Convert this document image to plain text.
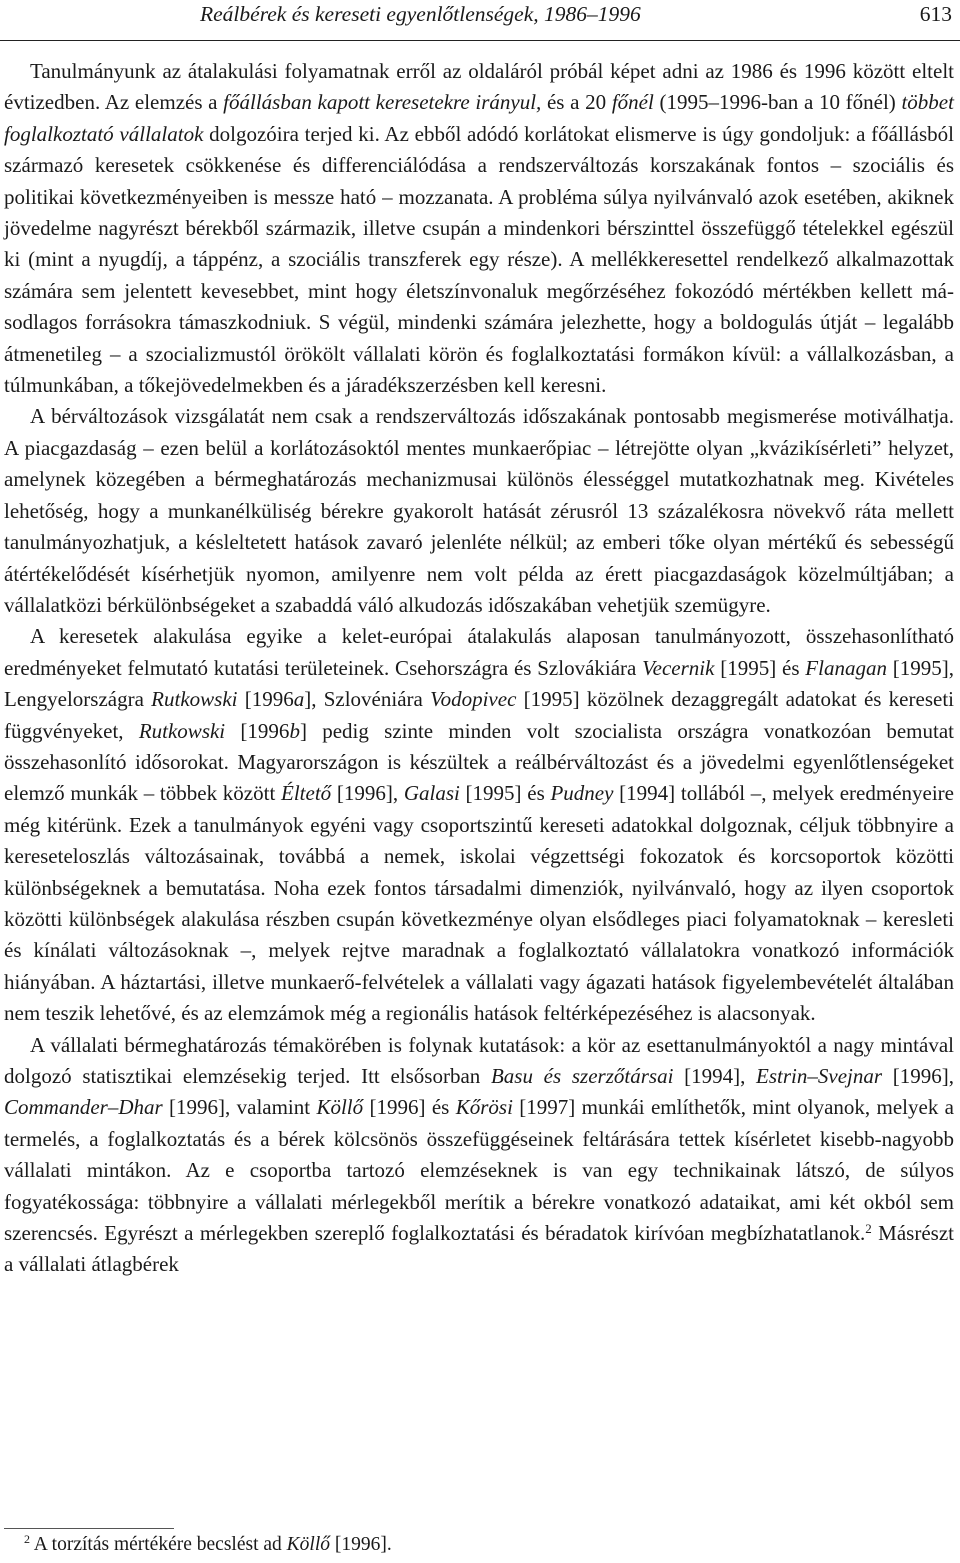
Reálbérek és kereseti egyenlőtlenségek, 1986–1996	613

Tanulmányunk az átalakulási folyamatnak erről az oldaláról próbál képet adni az 1986 és 1996 között eltelt évtizedben. Az elemzés a főállásban kapott keresetekre irányul, és a 20 főnél (1995–1996-ban a 10 főnél) többet foglalkoztató vállalatok dolgozóira terjed ki. Az ebből adódó korlátokat elismerve is úgy gondoljuk: a főállásból származó keresetek csökkenése és differenciálódása a rendszerváltozás korszakának fontos – szociális és politikai következményeiben is messze ható – mozzanata. A probléma súlya nyilvánvaló azok esetében, akiknek jövedelme nagyrészt bérekből származik, illetve csupán a mindenkori bérszinttel összefüggő tételekkel egészül ki (mint a nyugdíj, a táppénz, a szociális transzferek egy része). A mellékkeresettel rendelkező alkalmazottak számára sem jelentett kevesebbet, mint hogy életszínvonaluk megőrzéséhez fokozódó mértékben kellett másodlagos forrásokra támaszkodniuk. S végül, mindenki számára jelezhette, hogy a boldogulás útját – legalább átmenetileg – a szocializmustól örökölt vállalati körön és foglalkoztatási formákon kívül: a vállalkozásban, a túlmunkában, a tőkejövedelmekben és a járadékszerzésben kell keresni.

A bérváltozások vizsgálatát nem csak a rendszerváltozás időszakának pontosabb megismerése motiválhatja. A piacgazdaság – ezen belül a korlátozásoktól mentes munkaerőpiac – létrejötte olyan „kvázikísérleti” helyzet, amelynek közegében a bérmeghatározás mechanizmusai különös élességgel mutatkozhatnak meg. Kivételes lehetőség, hogy a munkanélküliség bérekre gyakorolt hatását zérusról 13 százalékosra növekvő ráta mellett tanulmányozhatjuk, a késleltetett hatások zavaró jelenléte nélkül; az emberi tőke olyan mértékű és sebességű átértékelődését kísérhetjük nyomon, amilyenre nem volt példa az érett piacgazdaságok közelmúltjában; a vállalatközi bérkülönbségeket a szabaddá váló alkudozás időszakában vehetjük szemügyre.

A keresetek alakulása egyike a kelet-európai átalakulás alaposan tanulmányozott, összehasonlítható eredményeket felmutató kutatási területeinek. Csehországra és Szlovákiára Vecernik [1995] és Flanagan [1995], Lengyelországra Rutkowski [1996a], Szlovéniára Vodopivec [1995] közölnek dezaggregált adatokat és kereseti függvényeket, Rutkowski [1996b] pedig szinte minden volt szocialista országra vonatkozóan bemutat összehasonlító idősorokat. Magyarországon is készültek a reálbérváltozást és a jövedelmi egyenlőtlenségeket elemző munkák – többek között Éltető [1996], Galasi [1995] és Pudney [1994] tollából –, melyek eredményeire még kitérünk. Ezek a tanulmányok egyéni vagy csoportszintű kereseti adatokkal dolgoznak, céljuk többnyire a kereseteloszlás változásainak, továbbá a nemek, iskolai végzettségi fokozatok és korcsoportok közötti különbségeknek a bemutatása. Noha ezek fontos társadalmi dimenziók, nyilvánvaló, hogy az ilyen csoportok közötti különbségek alakulása részben csupán következménye olyan elsődleges piaci folyamatoknak – keresleti és kínálati változásoknak –, melyek rejtve maradnak a foglalkoztató vállalatokra vonatkozó információk hiányában. A háztartási, illetve munkaerő-felvételek a vállalati vagy ágazati hatások figyelembevételét általában nem teszik lehetővé, és az elemzámok még a regionális hatások feltérképezéséhez is alacsonyak.

A vállalati bérmeghatározás témakörében is folynak kutatások: a kör az esettanulmányoktól a nagy mintával dolgozó statisztikai elemzésekig terjed. Itt elsősorban Basu és szerzőtársai [1994], Estrin–Svejnar [1996], Commander–Dhar [1996], valamint Köllő [1996] és Kőrösi [1997] munkái említhetők, mint olyanok, melyek a termelés, a foglalkoztatás és a bérek kölcsönös összefüggéseinek feltárására tettek kísérletet kisebb-nagyobb vállalati mintákon. Az e csoportba tartozó elemzéseknek is van egy technikainak látszó, de súlyos fogyatékossága: többnyire a vállalati mérlegekből merítik a bérekre vonatkozó adataikat, ami két okból sem szerencsés. Egyrészt a mérlegekben szereplő foglalkoztatási és béradatok kirívóan megbízhatatlanok.$^2$ Másrészt a vállalati átlagbérek

$^2$ A torzítás mértékére becslést ad Köllő [1996].
